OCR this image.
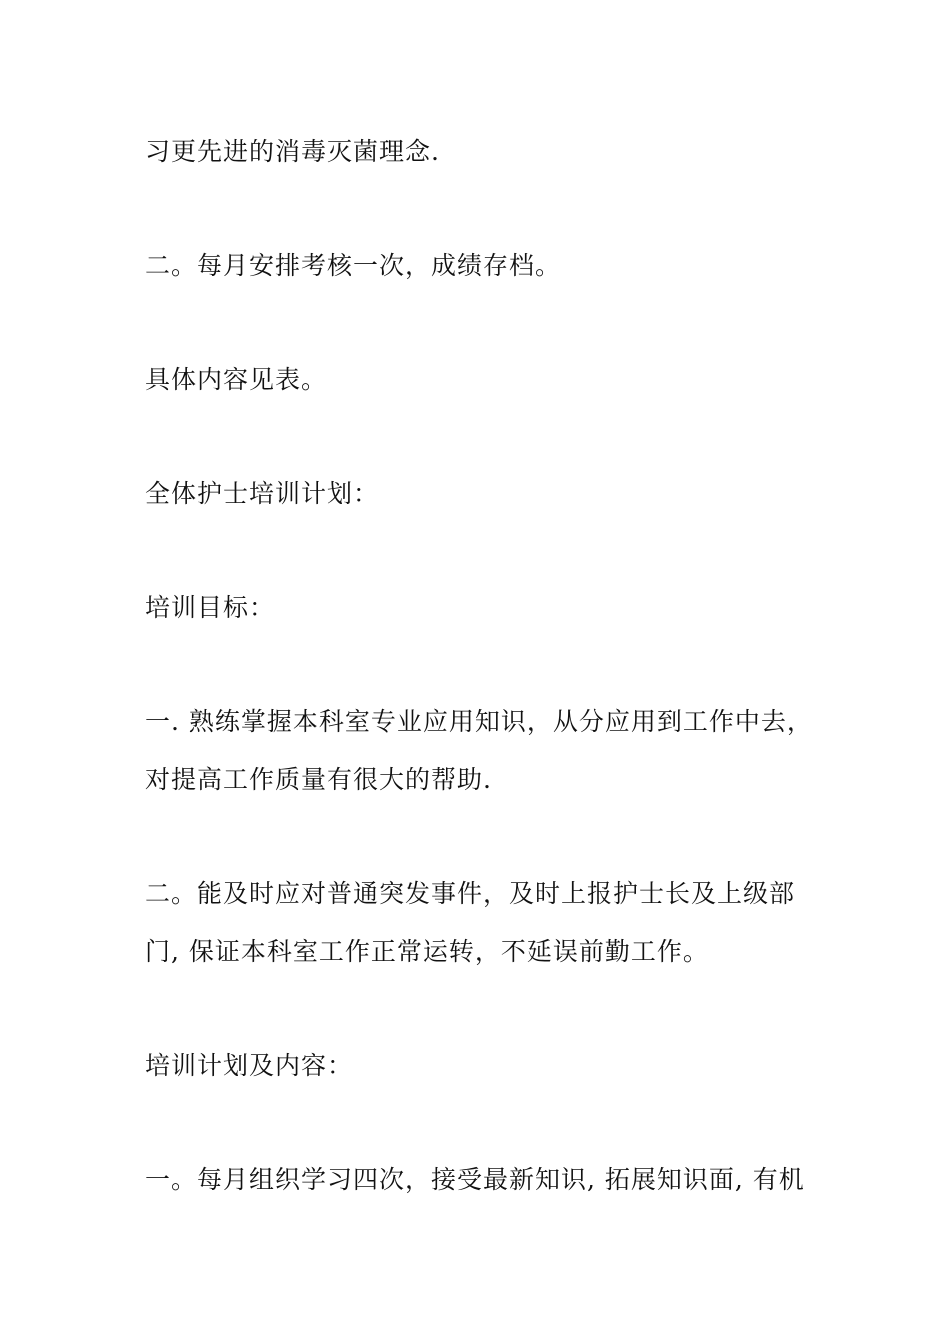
习更先进的消毒灭菌理念.
二。每月安排考核一次，成绩存档。
具体内容见表。
全体护士培训计划：
培训目标：
一. 熟练掌握本科室专业应用知识，从分应用到工作中去，
对提高工作质量有很大的帮助.
二。能及时应对普通突发事件，及时上报护士长及上级部
门, 保证本科室工作正常运转，不延误前勤工作。
培训计划及内容：
一。每月组织学习四次，接受最新知识, 拓展知识面, 有机
